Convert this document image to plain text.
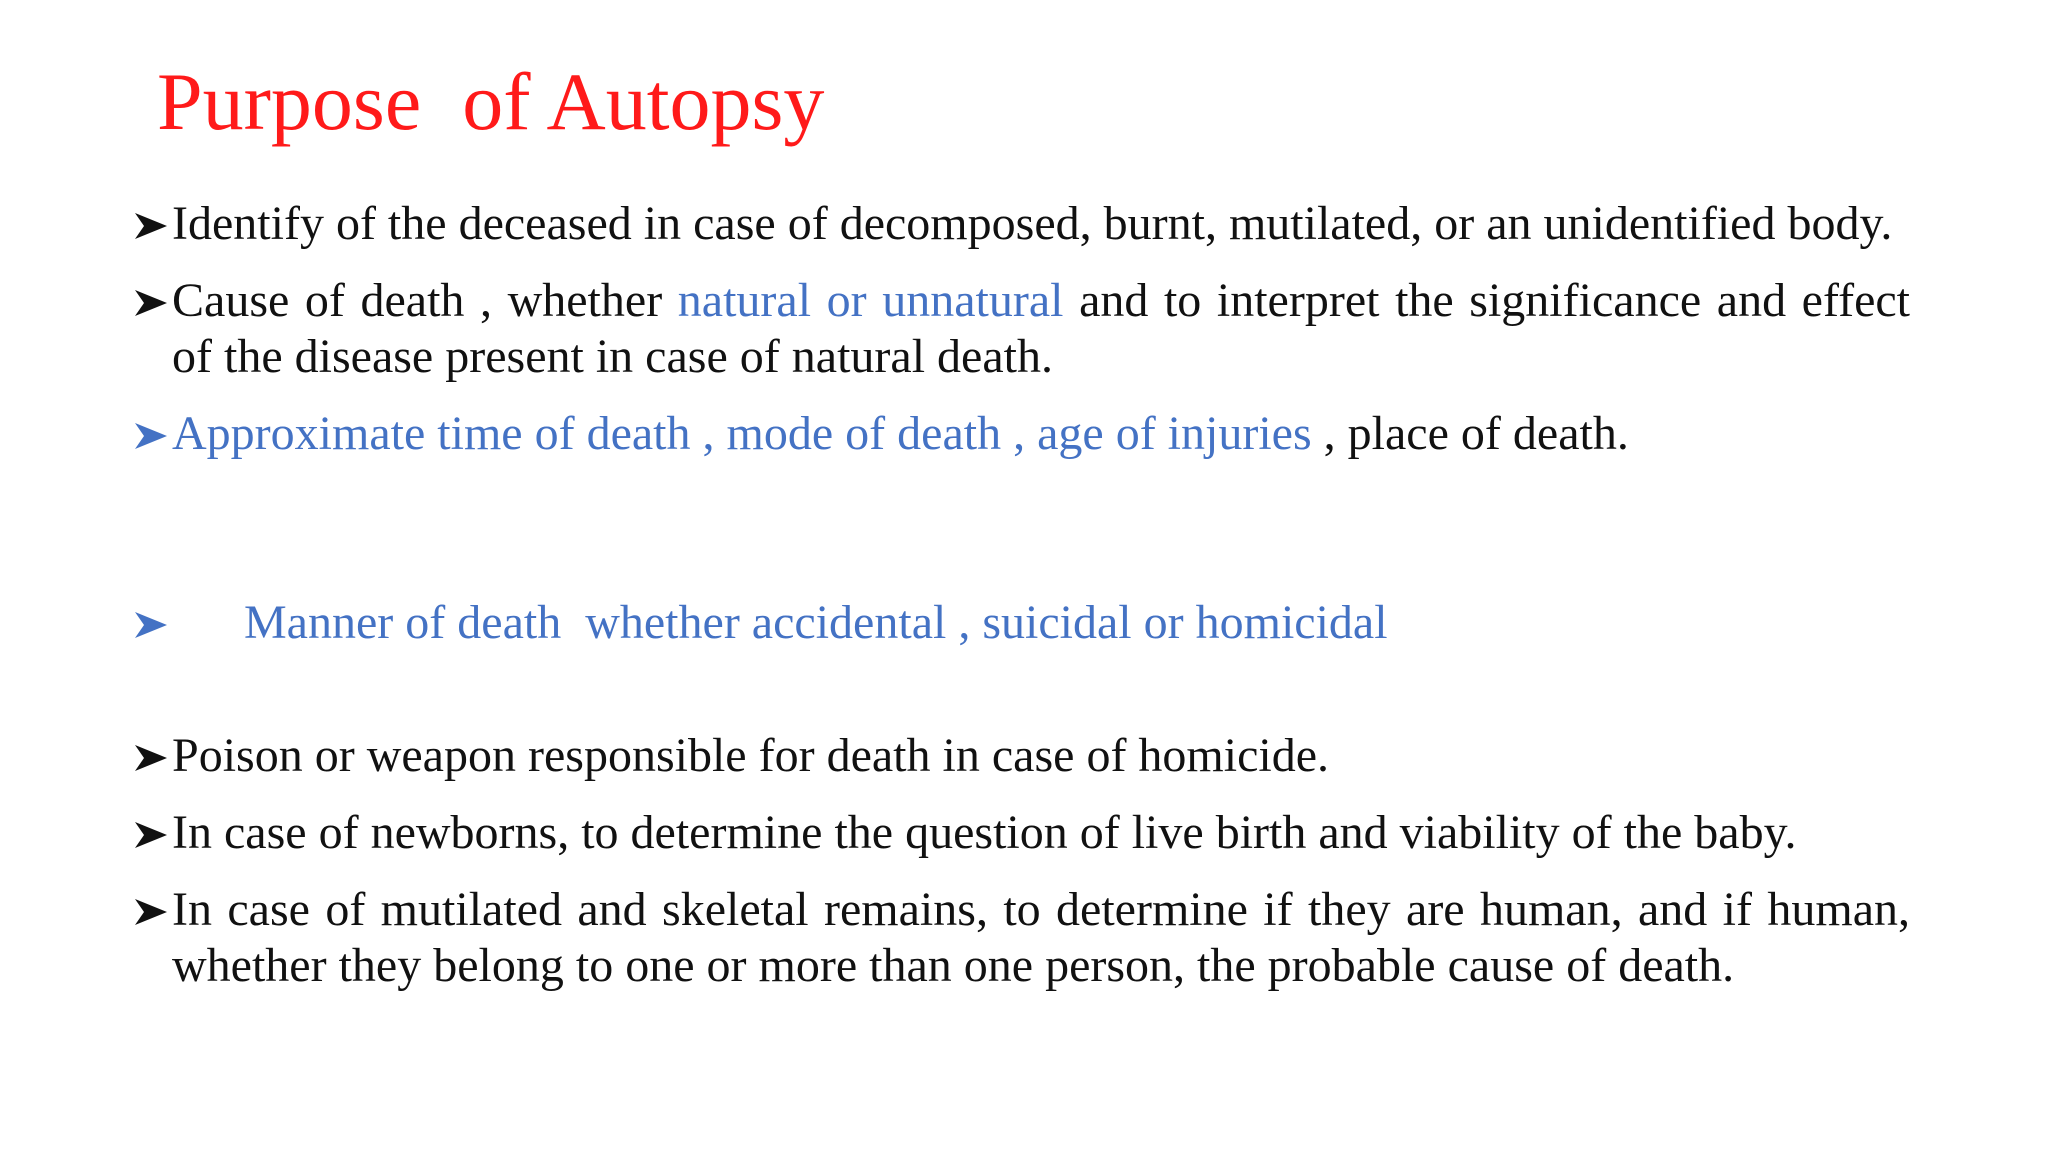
Purpose  of Autopsy
Identify of the deceased in case of decomposed, burnt, mutilated, or an unidentified body.
Cause of death , whether natural or unnatural and to interpret the significance and effect of the disease present in case of natural death.
Approximate time of death , mode of death , age of injuries , place of death.

Manner of death  whether accidental , suicidal or homicidal

Poison or weapon responsible for death in case of homicide.
In case of newborns, to determine the question of live birth and viability of the baby.
In case of mutilated and skeletal remains, to determine if they are human, and if human, whether they belong to one or more than one person, the probable cause of death.
